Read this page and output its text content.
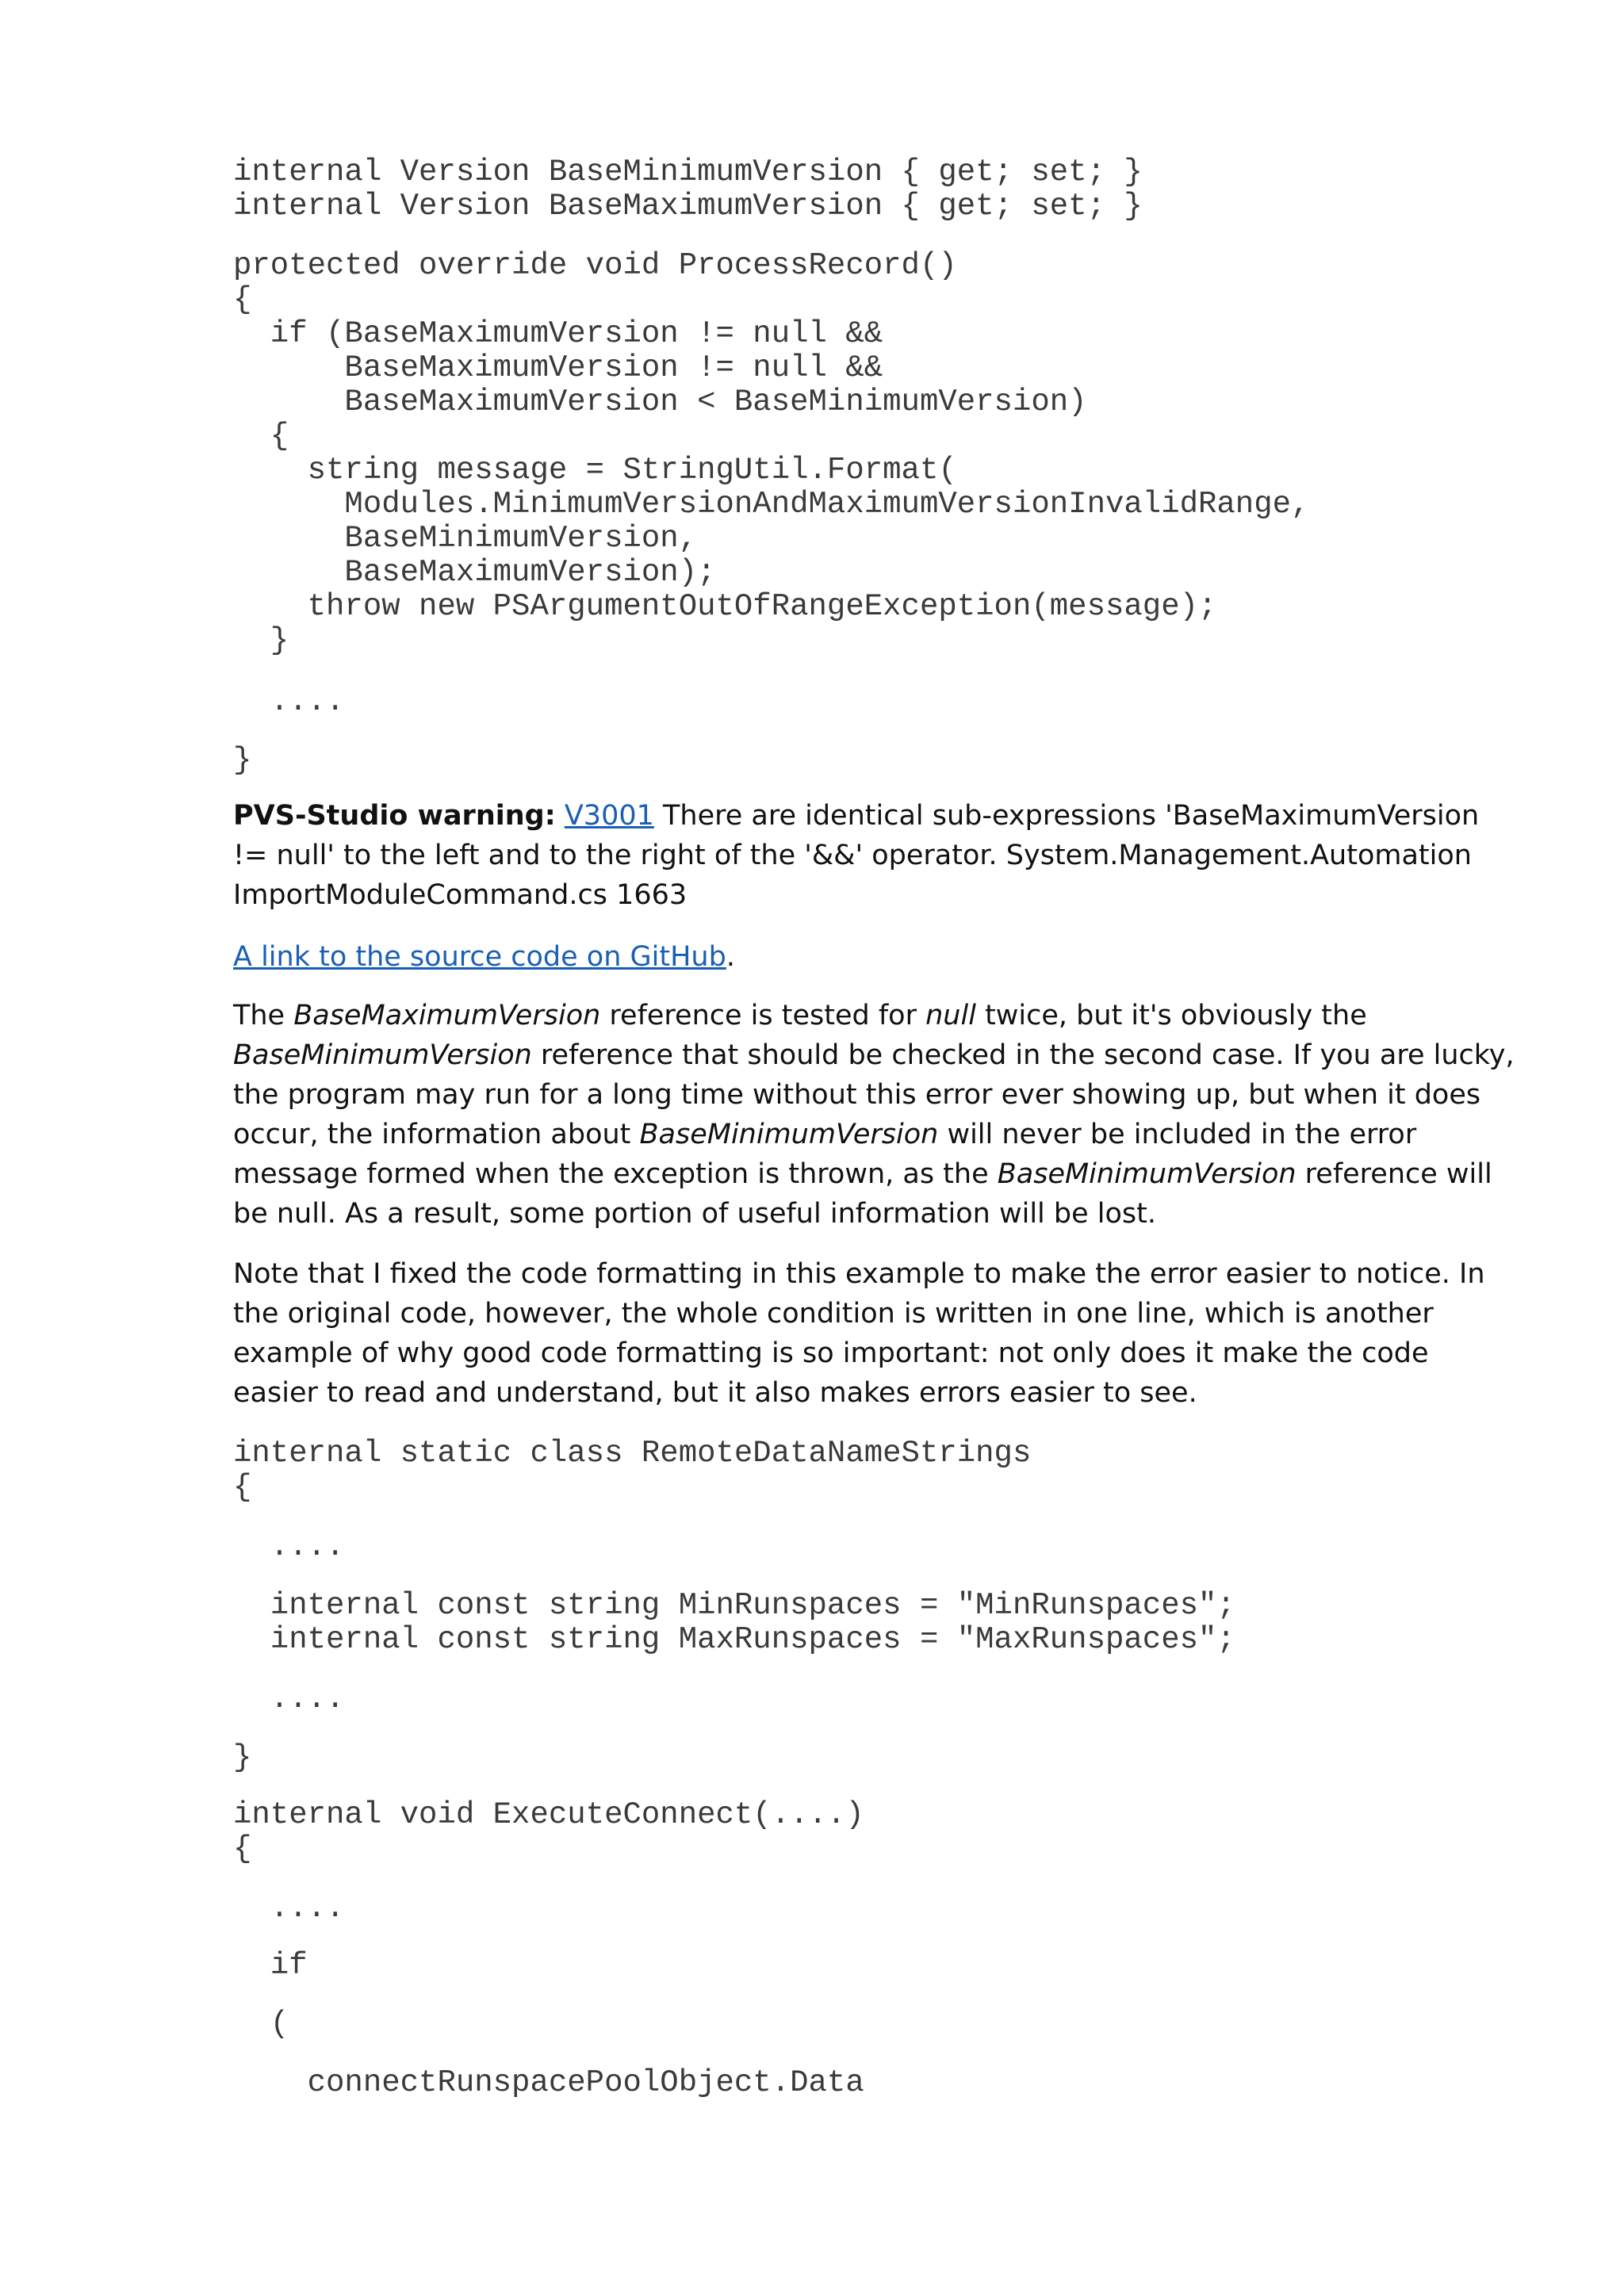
internal Version BaseMinimumVersion { get; set; }
internal Version BaseMaximumVersion { get; set; }
protected override void ProcessRecord()
{
if (BaseMaximumVersion != null &&
BaseMaximumVersion != null &&
BaseMaximumVersion < BaseMinimumVersion)
{
string message = StringUtil.Format(
Modules.MinimumVersionAndMaximumVersionInvalidRange,
BaseMinimumVersion,
BaseMaximumVersion);
throw new PSArgumentOutOfRangeException(message);
}
....
}

PVS-Studio warning: V3001 There are identical sub-expressions 'BaseMaximumVersion != null' to the left and to the right of the '&&' operator. System.Management.Automation ImportModuleCommand.cs 1663

A link to the source code on GitHub.

The BaseMaximumVersion reference is tested for null twice, but it's obviously the BaseMinimumVersion reference that should be checked in the second case. If you are lucky, the program may run for a long time without this error ever showing up, but when it does occur, the information about BaseMinimumVersion will never be included in the error message formed when the exception is thrown, as the BaseMinimumVersion reference will be null. As a result, some portion of useful information will be lost.

Note that I fixed the code formatting in this example to make the error easier to notice. In the original code, however, the whole condition is written in one line, which is another example of why good code formatting is so important: not only does it make the code easier to read and understand, but it also makes errors easier to see.

internal static class RemoteDataNameStrings
{
....
internal const string MinRunspaces = "MinRunspaces";
internal const string MaxRunspaces = "MaxRunspaces";
....
}
internal void ExecuteConnect(....)
{
....
if
(
connectRunspacePoolObject.Data
